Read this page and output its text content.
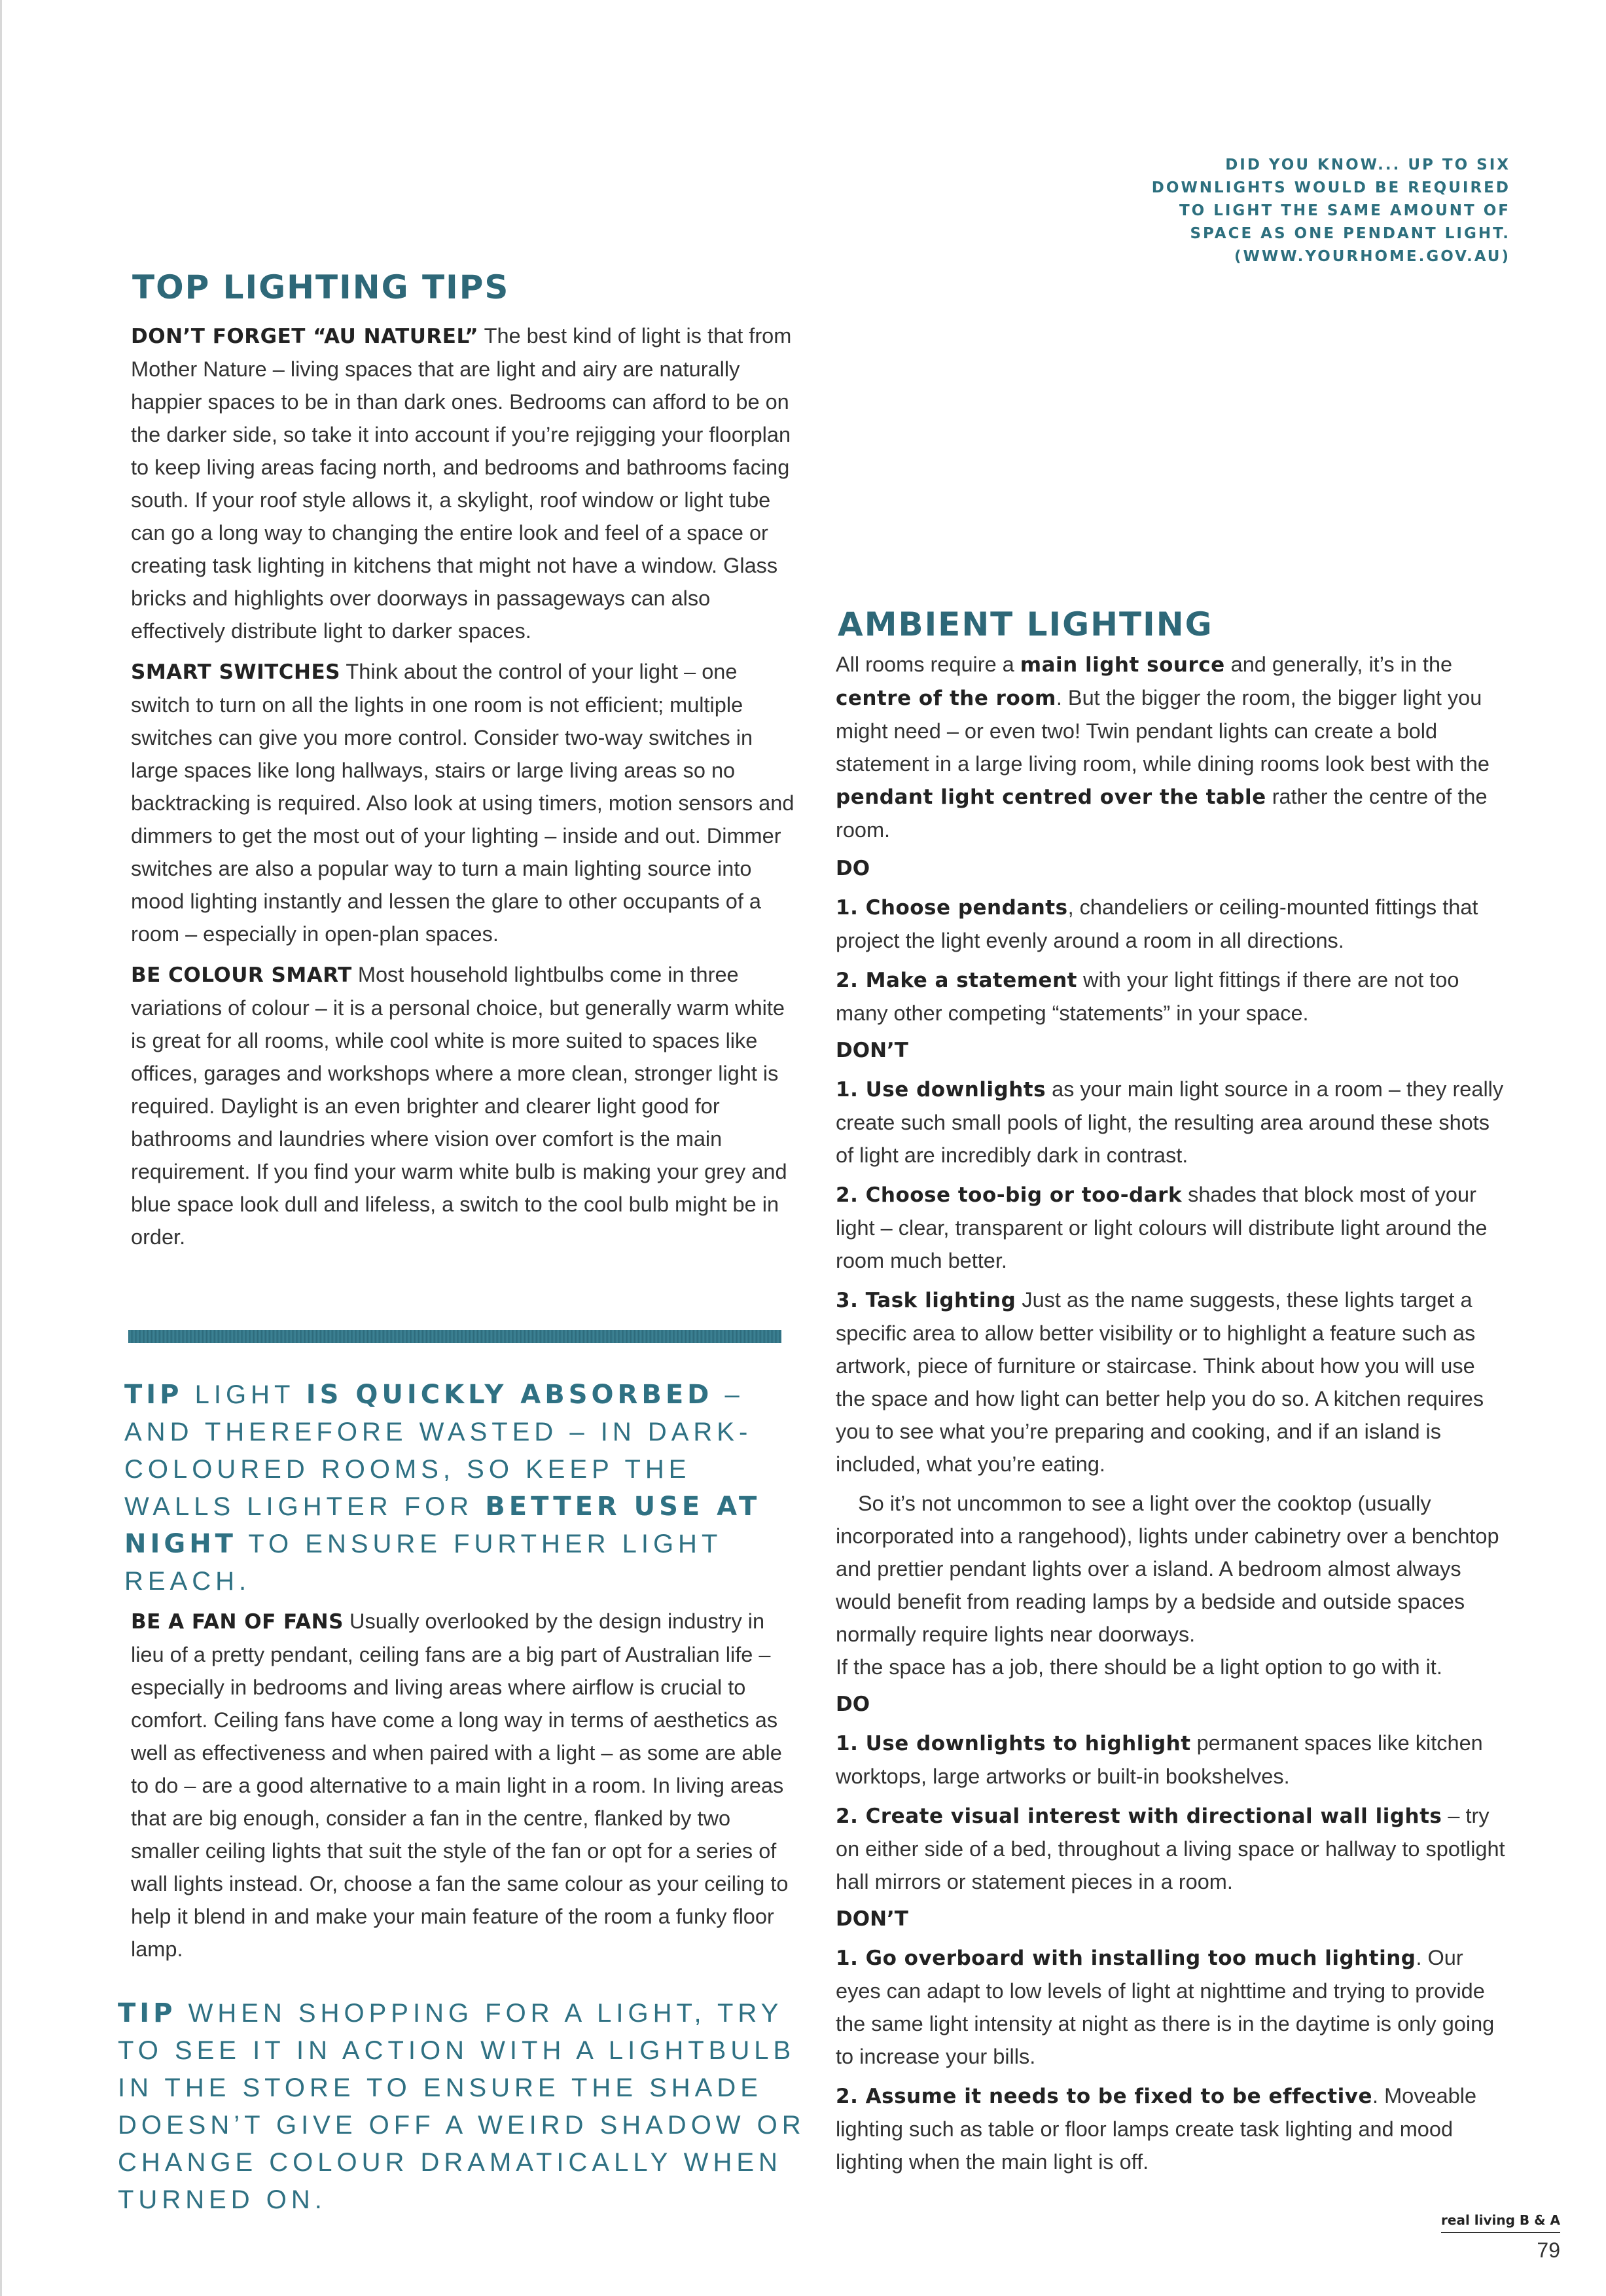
DID YOU KNOW... UP TO SIX
DOWNLIGHTS WOULD BE REQUIRED
TO LIGHT THE SAME AMOUNT OF
SPACE AS ONE PENDANT LIGHT.
(WWW.YOURHOME.GOV.AU)
TOP LIGHTING TIPS

DON’T FORGET “AU NATUREL” The best kind of light is that from Mother Nature – living spaces that are light and airy are naturally happier spaces to be in than dark ones. Bedrooms can afford to be on the darker side, so take it into account if you’re rejigging your floorplan to keep living areas facing north, and bedrooms and bathrooms facing south. If your roof style allows it, a skylight, roof window or light tube can go a long way to changing the entire look and feel of a space or creating task lighting in kitchens that might not have a window. Glass bricks and highlights over doorways in passageways can also effectively distribute light to darker spaces.

SMART SWITCHES Think about the control of your light – one switch to turn on all the lights in one room is not efficient; multiple switches can give you more control. Consider two-way switches in large spaces like long hallways, stairs or large living areas so no backtracking is required. Also look at using timers, motion sensors and dimmers to get the most out of your lighting – inside and out. Dimmer switches are also a popular way to turn a main lighting source into mood lighting instantly and lessen the glare to other occupants of a room – especially in open-plan spaces.

BE COLOUR SMART Most household lightbulbs come in three variations of colour – it is a personal choice, but generally warm white is great for all rooms, while cool white is more suited to spaces like offices, garages and workshops where a more clean, stronger light is required. Daylight is an even brighter and clearer light good for bathrooms and laundries where vision over comfort is the main requirement. If you find your warm white bulb is making your grey and blue space look dull and lifeless, a switch to the cool bulb might be in order.

TIP LIGHT IS QUICKLY ABSORBED – AND THEREFORE WASTED – IN DARK-COLOURED ROOMS, SO KEEP THE WALLS LIGHTER FOR BETTER USE AT NIGHT TO ENSURE FURTHER LIGHT REACH.

BE A FAN OF FANS Usually overlooked by the design industry in lieu of a pretty pendant, ceiling fans are a big part of Australian life – especially in bedrooms and living areas where airflow is crucial to comfort. Ceiling fans have come a long way in terms of aesthetics as well as effectiveness and when paired with a light – as some are able to do – are a good alternative to a main light in a room. In living areas that are big enough, consider a fan in the centre, flanked by two smaller ceiling lights that suit the style of the fan or opt for a series of wall lights instead. Or, choose a fan the same colour as your ceiling to help it blend in and make your main feature of the room a funky floor lamp.

TIP WHEN SHOPPING FOR A LIGHT, TRY TO SEE IT IN ACTION WITH A LIGHTBULB IN THE STORE TO ENSURE THE SHADE DOESN’T GIVE OFF A WEIRD SHADOW OR CHANGE COLOUR DRAMATICALLY WHEN TURNED ON.
AMBIENT LIGHTING

All rooms require a main light source and generally, it’s in the centre of the room. But the bigger the room, the bigger light you might need – or even two! Twin pendant lights can create a bold statement in a large living room, while dining rooms look best with the pendant light centred over the table rather the centre of the room.

DO

1. Choose pendants, chandeliers or ceiling-mounted fittings that project the light evenly around a room in all directions.

2. Make a statement with your light fittings if there are not too many other competing “statements” in your space.

DON’T

1. Use downlights as your main light source in a room – they really create such small pools of light, the resulting area around these shots of light are incredibly dark in contrast.

2. Choose too-big or too-dark shades that block most of your light – clear, transparent or light colours will distribute light around the room much better.

3. Task lighting Just as the name suggests, these lights target a specific area to allow better visibility or to highlight a feature such as artwork, piece of furniture or staircase. Think about how you will use the space and how light can better help you do so. A kitchen requires you to see what you’re preparing and cooking, and if an island is included, what you’re eating.

So it’s not uncommon to see a light over the cooktop (usually incorporated into a rangehood), lights under cabinetry over a benchtop and prettier pendant lights over a island. A bedroom almost always would benefit from reading lamps by a bedside and outside spaces normally require lights near doorways.

If the space has a job, there should be a light option to go with it.

DO

1. Use downlights to highlight permanent spaces like kitchen worktops, large artworks or built-in bookshelves.

2. Create visual interest with directional wall lights – try on either side of a bed, throughout a living space or hallway to spotlight hall mirrors or statement pieces in a room.

DON’T

1. Go overboard with installing too much lighting. Our eyes can adapt to low levels of light at nighttime and trying to provide the same light intensity at night as there is in the daytime is only going to increase your bills.

2. Assume it needs to be fixed to be effective. Moveable lighting such as table or floor lamps create task lighting and mood lighting when the main light is off.

real living B & A
79
